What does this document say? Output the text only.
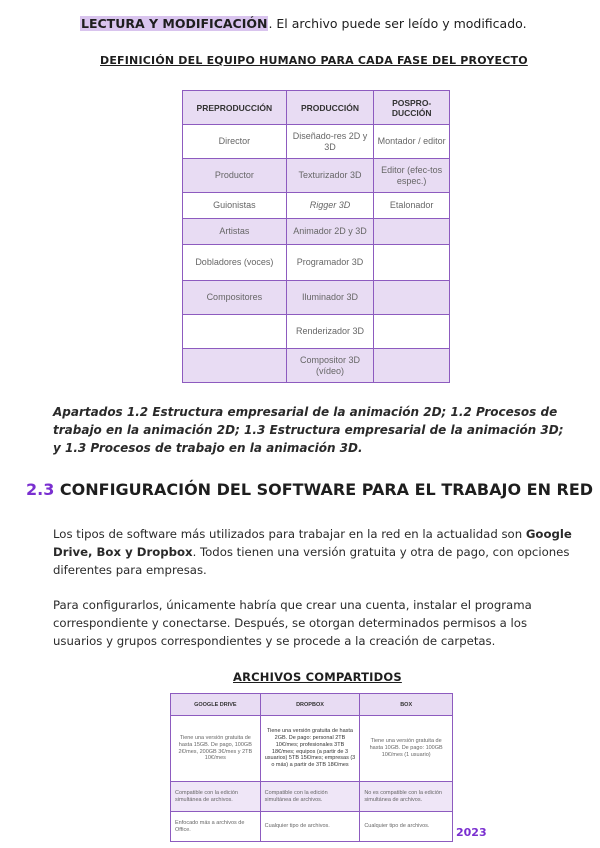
LECTURA Y MODIFICACIÓN. El archivo puede ser leído y modificado.
DEFINICIÓN DEL EQUIPO HUMANO PARA CADA FASE DEL PROYECTO
PREPRODUCCIÓN	PRODUCCIÓN	POSPRO-DUCCIÓN
Director	Diseñado-res 2D y 3D	Montador / editor
Productor	Texturizador 3D	Editor (efec-tos espec.)
Guionistas	Rigger 3D	Etalonador
Artistas	Animador 2D y 3D	
Dobladores (voces)	Programador 3D	
Compositores	Iluminador 3D	
	Renderizador 3D	
	Compositor 3D (vídeo)	
Apartados 1.2 Estructura empresarial de la animación 2D; 1.2 Procesos de trabajo en la animación 2D; 1.3 Estructura empresarial de la animación 3D; y 1.3 Procesos de trabajo en la animación 3D.
2.3 CONFIGURACIÓN DEL SOFTWARE PARA EL TRABAJO EN RED
Los tipos de software más utilizados para trabajar en la red en la actualidad son Google Drive, Box y Dropbox. Todos tienen una versión gratuita y otra de pago, con opciones diferentes para empresas.
Para configurarlos, únicamente habría que crear una cuenta, instalar el programa correspondiente y conectarse. Después, se otorgan determinados permisos a los usuarios y grupos correspondientes y se procede a la creación de carpetas.
ARCHIVOS COMPARTIDOS
GOOGLE DRIVE	DROPBOX	BOX
Tiene una versión gratuita de hasta 15GB. De pago, 100GB 2€/mes, 200GB 3€/mes y 2TB 10€/mes	Tiene una versión gratuita de hasta 2GB. De pago: personal 2TB 10€/mes; profesionales 3TB 18€/mes; equipos (a partir de 3 usuarios) 5TB 15€/mes; empresas (3 o más) a partir de 3TB 18€/mes	Tiene una versión gratuita de hasta 10GB. De pago: 100GB 10€/mes (1 usuario)
Compatible con la edición simultánea de archivos.	Compatible con la edición simultánea de archivos.	No es compatible con la edición simultánea de archivos.
Enfocado más a archivos de Office.	Cualquier tipo de archivos.	Cualquier tipo de archivos. 2023
